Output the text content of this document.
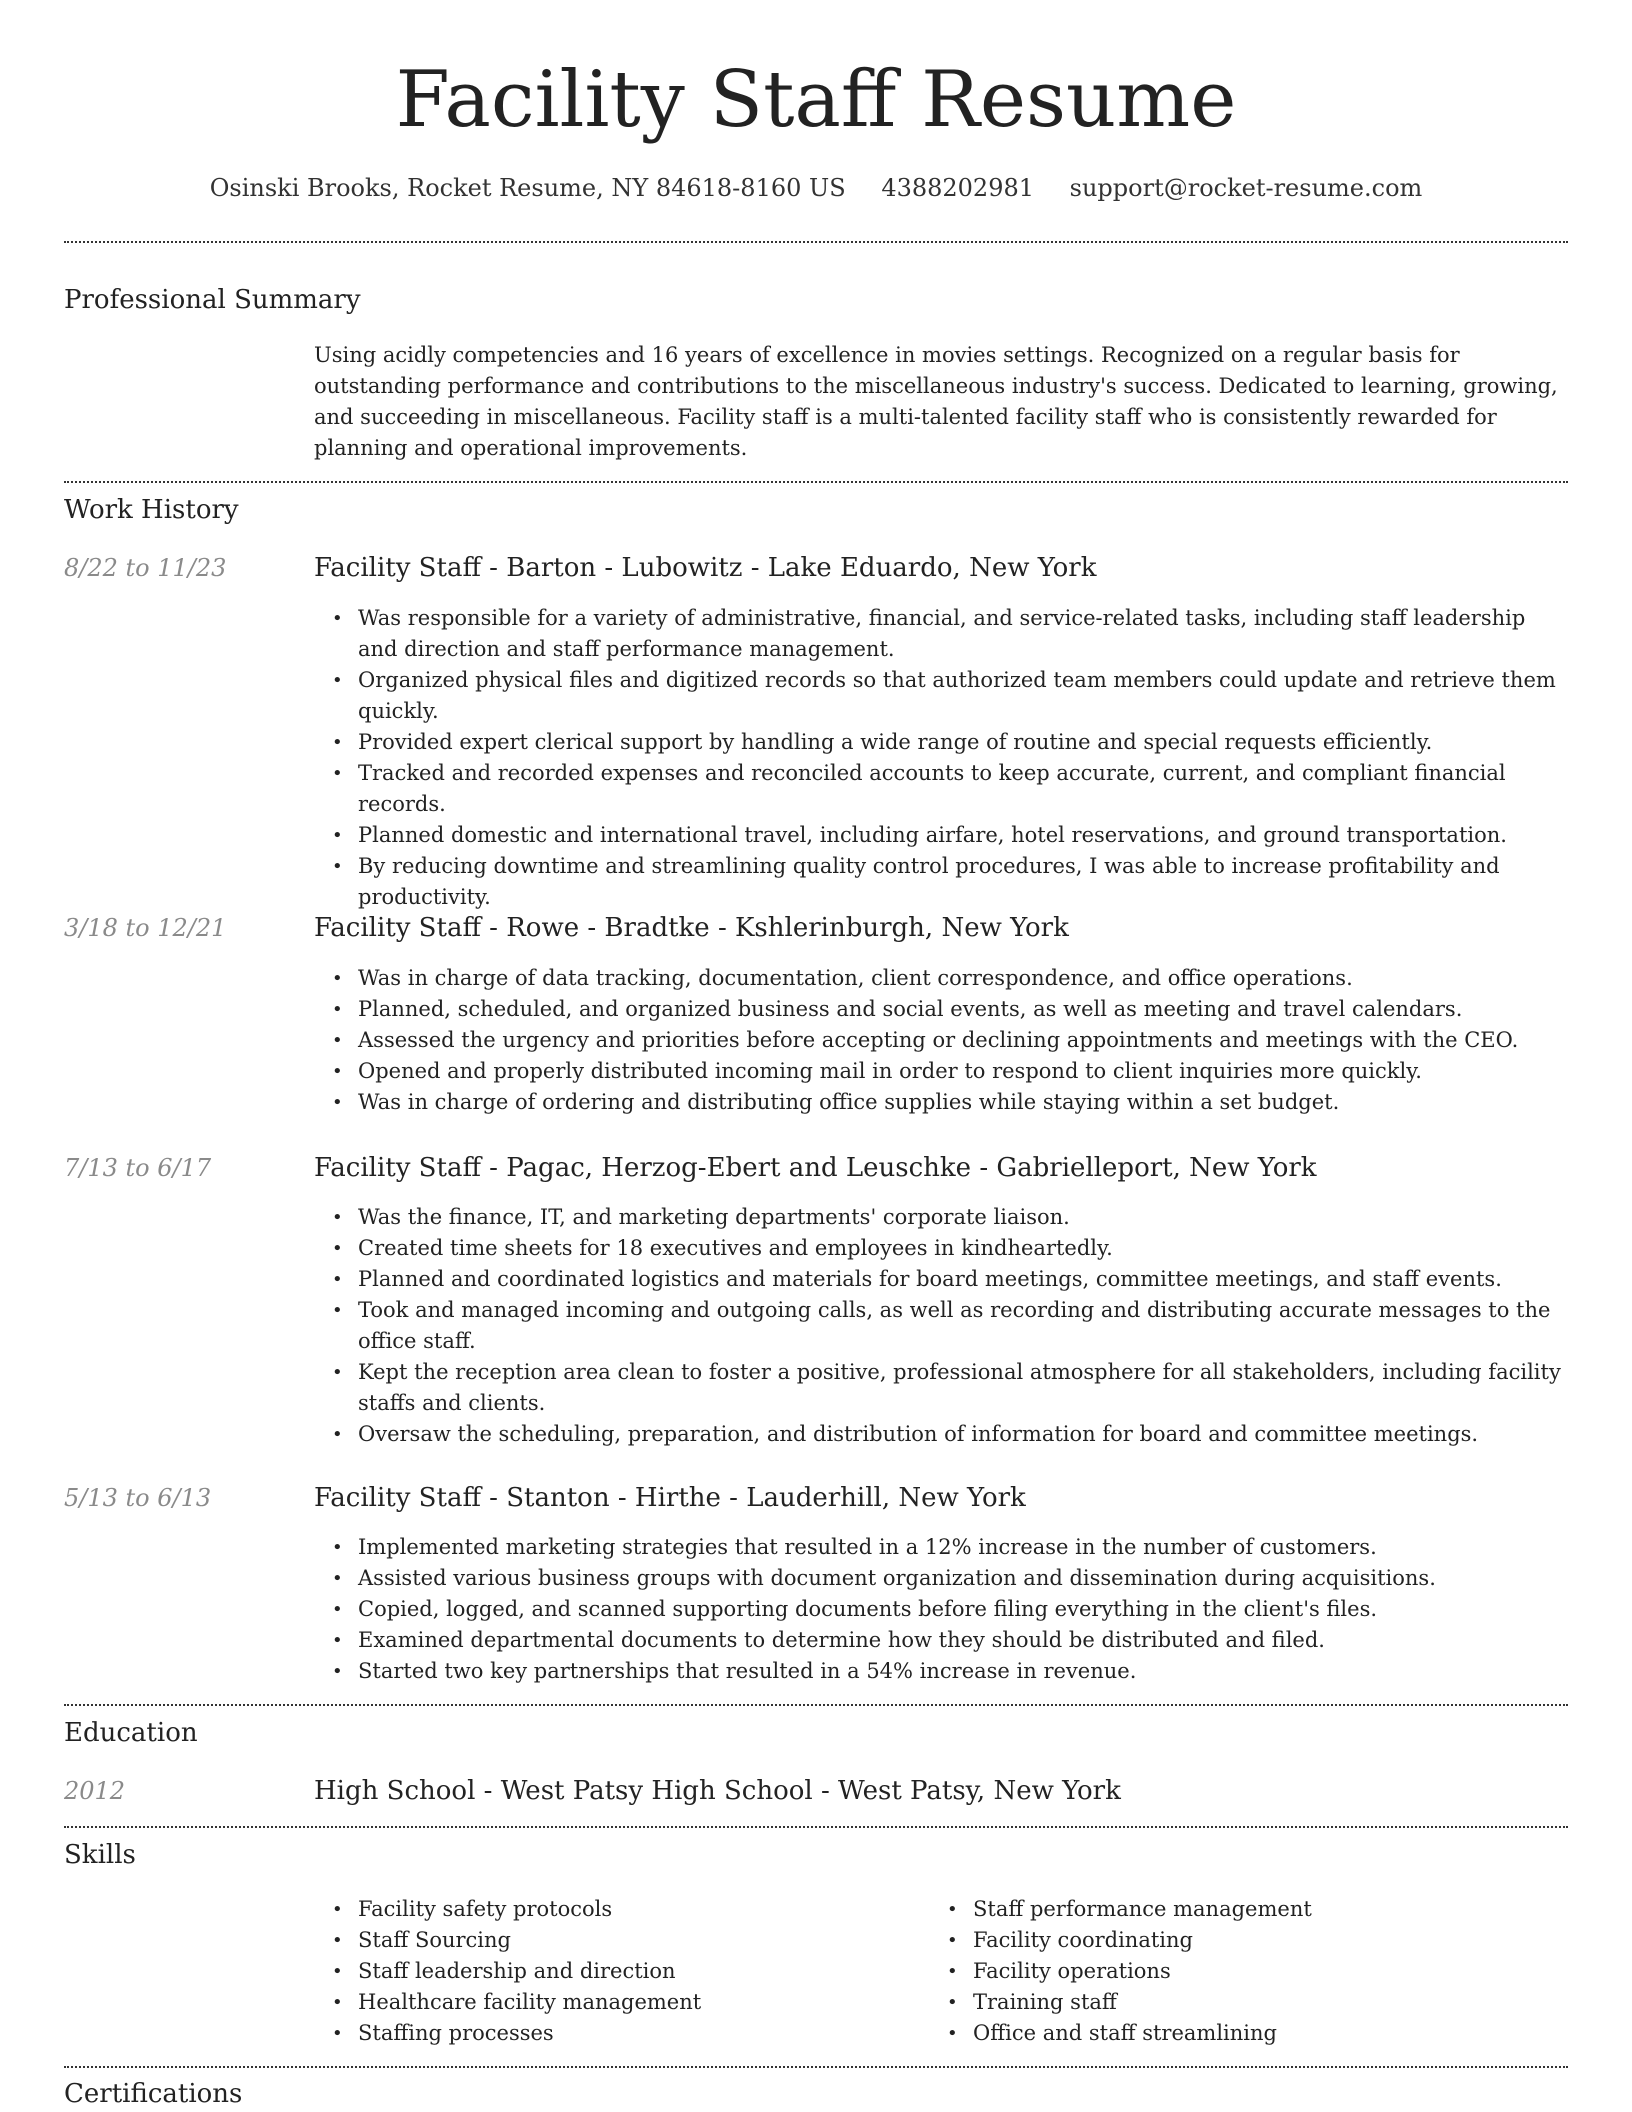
Facility Staff Resume
Osinski Brooks, Rocket Resume, NY 84618-8160 US 4388202981 support@rocket-resume.com
Professional Summary

Using acidly competencies and 16 years of excellence in movies settings. Recognized on a regular basis for outstanding performance and contributions to the miscellaneous industry's success. Dedicated to learning, growing, and succeeding in miscellaneous. Facility staff is a multi-talented facility staff who is consistently rewarded for planning and operational improvements.

Work History
8/22 to 11/23	Facility Staff - Barton - Lubowitz - Lake Eduardo, New York
• Was responsible for a variety of administrative, financial, and service-related tasks, including staff leadership and direction and staff performance management.
• Organized physical files and digitized records so that authorized team members could update and retrieve them quickly.
• Provided expert clerical support by handling a wide range of routine and special requests efficiently.
• Tracked and recorded expenses and reconciled accounts to keep accurate, current, and compliant financial records.
• Planned domestic and international travel, including airfare, hotel reservations, and ground transportation.
• By reducing downtime and streamlining quality control procedures, I was able to increase profitability and productivity.
3/18 to 12/21	Facility Staff - Rowe - Bradtke - Kshlerinburgh, New York
• Was in charge of data tracking, documentation, client correspondence, and office operations.
• Planned, scheduled, and organized business and social events, as well as meeting and travel calendars.
• Assessed the urgency and priorities before accepting or declining appointments and meetings with the CEO.
• Opened and properly distributed incoming mail in order to respond to client inquiries more quickly.
• Was in charge of ordering and distributing office supplies while staying within a set budget.
7/13 to 6/17	Facility Staff - Pagac, Herzog-Ebert and Leuschke - Gabrielleport, New York
• Was the finance, IT, and marketing departments' corporate liaison.
• Created time sheets for 18 executives and employees in kindheartedly.
• Planned and coordinated logistics and materials for board meetings, committee meetings, and staff events.
• Took and managed incoming and outgoing calls, as well as recording and distributing accurate messages to the office staff.
• Kept the reception area clean to foster a positive, professional atmosphere for all stakeholders, including facility staffs and clients.
• Oversaw the scheduling, preparation, and distribution of information for board and committee meetings.
5/13 to 6/13	Facility Staff - Stanton - Hirthe - Lauderhill, New York
• Implemented marketing strategies that resulted in a 12% increase in the number of customers.
• Assisted various business groups with document organization and dissemination during acquisitions.
• Copied, logged, and scanned supporting documents before filing everything in the client's files.
• Examined departmental documents to determine how they should be distributed and filed.
• Started two key partnerships that resulted in a 54% increase in revenue.
Education
2012	High School - West Patsy High School - West Patsy, New York
Skills
• Facility safety protocols
• Staff Sourcing
• Staff leadership and direction
• Healthcare facility management
• Staffing processes
• Staff performance management
• Facility coordinating
• Facility operations
• Training staff
• Office and staff streamlining
Certifications
